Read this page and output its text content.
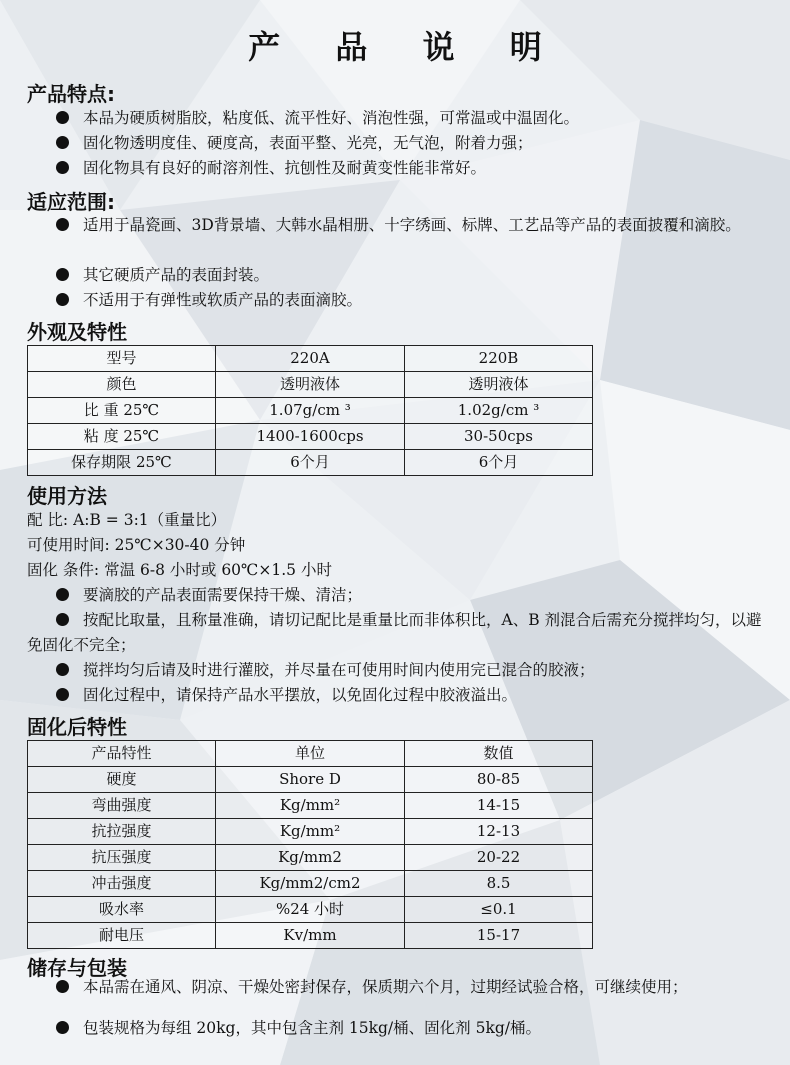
产 品 说 明
产品特点:
本品为硬质树脂胶，粘度低、流平性好、消泡性强，可常温或中温固化。
固化物透明度佳、硬度高，表面平整、光亮，无气泡，附着力强；
固化物具有良好的耐溶剂性、抗刨性及耐黄变性能非常好。
适应范围:
适用于晶瓷画、3D背景墙、大韩水晶相册、十字绣画、标牌、工艺品等产品的表面披覆和滴胶。
其它硬质产品的表面封装。
不适用于有弹性或软质产品的表面滴胶。
外观及特性
型号	220A	220B
颜色	透明液体	透明液体
比 重 25℃	1.07g/cm ³	1.02g/cm ³
粘 度 25℃	1400-1600cps	30-50cps
保存期限 25℃	6个月	6个月
使用方法
配 比: A:B = 3:1（重量比）
可使用时间: 25℃×30-40 分钟
固化 条件: 常温 6-8 小时或 60℃×1.5 小时
要滴胶的产品表面需要保持干燥、清洁；
按配比取量，且称量准确，请切记配比是重量比而非体积比，A、B 剂混合后需充分搅拌均匀，以避免固化不完全；
搅拌均匀后请及时进行灌胶，并尽量在可使用时间内使用完已混合的胶液；
固化过程中，请保持产品水平摆放，以免固化过程中胶液溢出。
固化后特性
产品特性	单位	数值
硬度	Shore D	80-85
弯曲强度	Kg/mm²	14-15
抗拉强度	Kg/mm²	12-13
抗压强度	Kg/mm2	20-22
冲击强度	Kg/mm2/cm2	8.5
吸水率	%24 小时	≤0.1
耐电压	Kv/mm	15-17
储存与包装
本品需在通风、阴凉、干燥处密封保存，保质期六个月，过期经试验合格，可继续使用；
包装规格为每组 20kg，其中包含主剂 15kg/桶、固化剂 5kg/桶。
